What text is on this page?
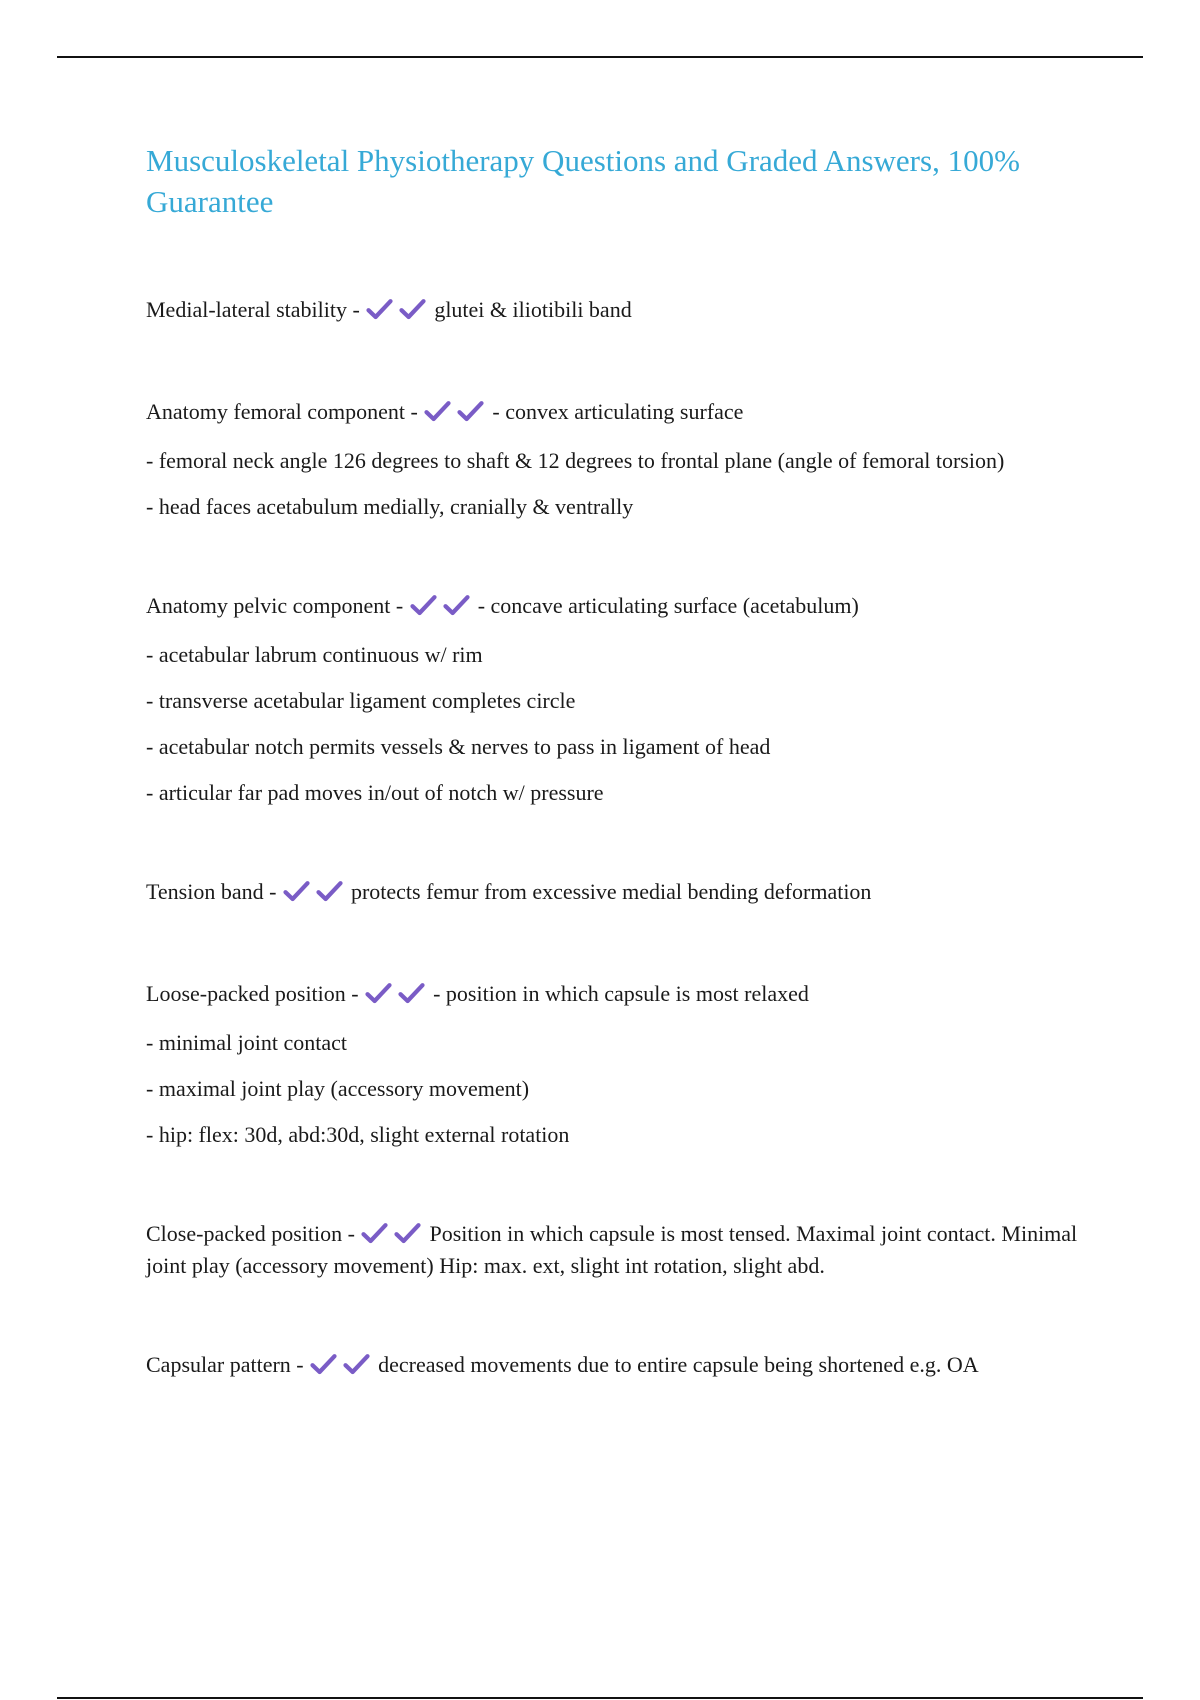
Musculoskeletal Physiotherapy Questions and Graded Answers, 100% Guarantee

Medial-lateral stability -	glutei & iliotibili band

Anatomy femoral component -	- convex articulating surface

- femoral neck angle 126 degrees to shaft & 12 degrees to frontal plane (angle of femoral torsion)

- head faces acetabulum medially, cranially & ventrally

Anatomy pelvic component -	- concave articulating surface (acetabulum)

- acetabular labrum continuous w/ rim

- transverse acetabular ligament completes circle

- acetabular notch permits vessels & nerves to pass in ligament of head

- articular far pad moves in/out of notch w/ pressure

Tension band -	protects femur from excessive medial bending deformation

Loose-packed position -	- position in which capsule is most relaxed

- minimal joint contact

- maximal joint play (accessory movement)

- hip: flex: 30d, abd:30d, slight external rotation

Close-packed position -	Position in which capsule is most tensed. Maximal joint contact. Minimal joint play (accessory movement) Hip: max. ext, slight int rotation, slight abd.

Capsular pattern -	decreased movements due to entire capsule being shortened e.g. OA
